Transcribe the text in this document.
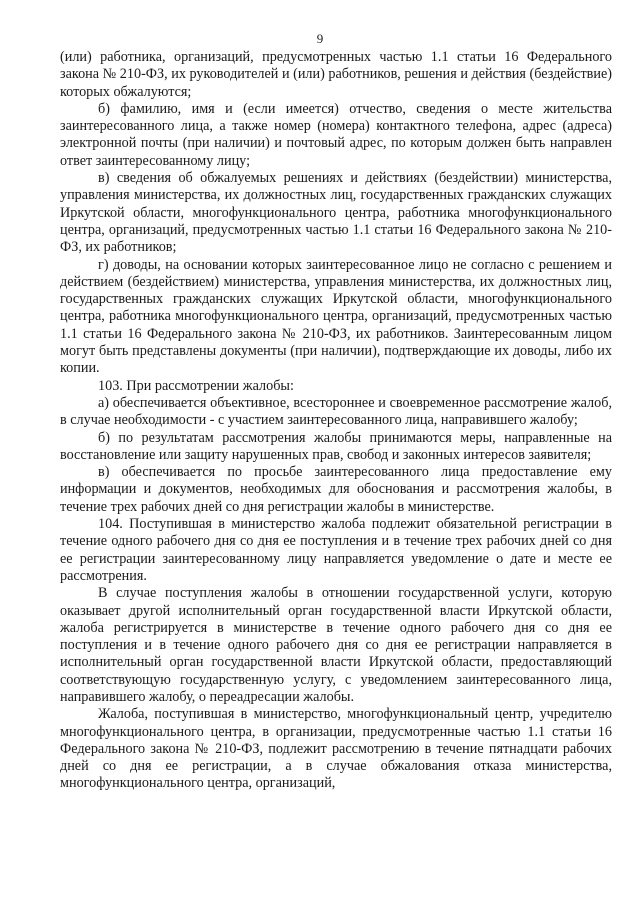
9

(или) работника, организаций, предусмотренных частью 1.1 статьи 16 Федерального закона № 210-ФЗ, их руководителей и (или) работников, решения и действия (бездействие) которых обжалуются;

б) фамилию, имя и (если имеется) отчество, сведения о месте жительства заинтересованного лица, а также номер (номера) контактного телефона, адрес (адреса) электронной почты (при наличии) и почтовый адрес, по которым должен быть направлен ответ заинтересованному лицу;

в) сведения об обжалуемых решениях и действиях (бездействии) министерства, управления министерства, их должностных лиц, государственных гражданских служащих Иркутской области, многофункционального центра, работника многофункционального центра, организаций, предусмотренных частью 1.1 статьи 16 Федерального закона № 210-ФЗ, их работников;

г) доводы, на основании которых заинтересованное лицо не согласно с решением и действием (бездействием) министерства, управления министерства, их должностных лиц, государственных гражданских служащих Иркутской области, многофункционального центра, работника многофункционального центра, организаций, предусмотренных частью 1.1 статьи 16 Федерального закона № 210-ФЗ, их работников. Заинтересованным лицом могут быть представлены документы (при наличии), подтверждающие их доводы, либо их копии.

103. При рассмотрении жалобы:

а) обеспечивается объективное, всестороннее и своевременное рассмотрение жалоб, в случае необходимости - с участием заинтересованного лица, направившего жалобу;

б) по результатам рассмотрения жалобы принимаются меры, направленные на восстановление или защиту нарушенных прав, свобод и законных интересов заявителя;

в) обеспечивается по просьбе заинтересованного лица предоставление ему информации и документов, необходимых для обоснования и рассмотрения жалобы, в течение трех рабочих дней со дня регистрации жалобы в министерстве.

104. Поступившая в министерство жалоба подлежит обязательной регистрации в течение одного рабочего дня со дня ее поступления и в течение трех рабочих дней со дня ее регистрации заинтересованному лицу направляется уведомление о дате и месте ее рассмотрения.

В случае поступления жалобы в отношении государственной услуги, которую оказывает другой исполнительный орган государственной власти Иркутской области, жалоба регистрируется в министерстве в течение одного рабочего дня со дня ее поступления и в течение одного рабочего дня со дня ее регистрации направляется в исполнительный орган государственной власти Иркутской области, предоставляющий соответствующую государственную услугу, с уведомлением заинтересованного лица, направившего жалобу, о переадресации жалобы.

Жалоба, поступившая в министерство, многофункциональный центр, учредителю многофункционального центра, в организации, предусмотренные частью 1.1 статьи 16 Федерального закона № 210-ФЗ, подлежит рассмотрению в течение пятнадцати рабочих дней со дня ее регистрации, а в случае обжалования отказа министерства, многофункционального центра, организаций,
